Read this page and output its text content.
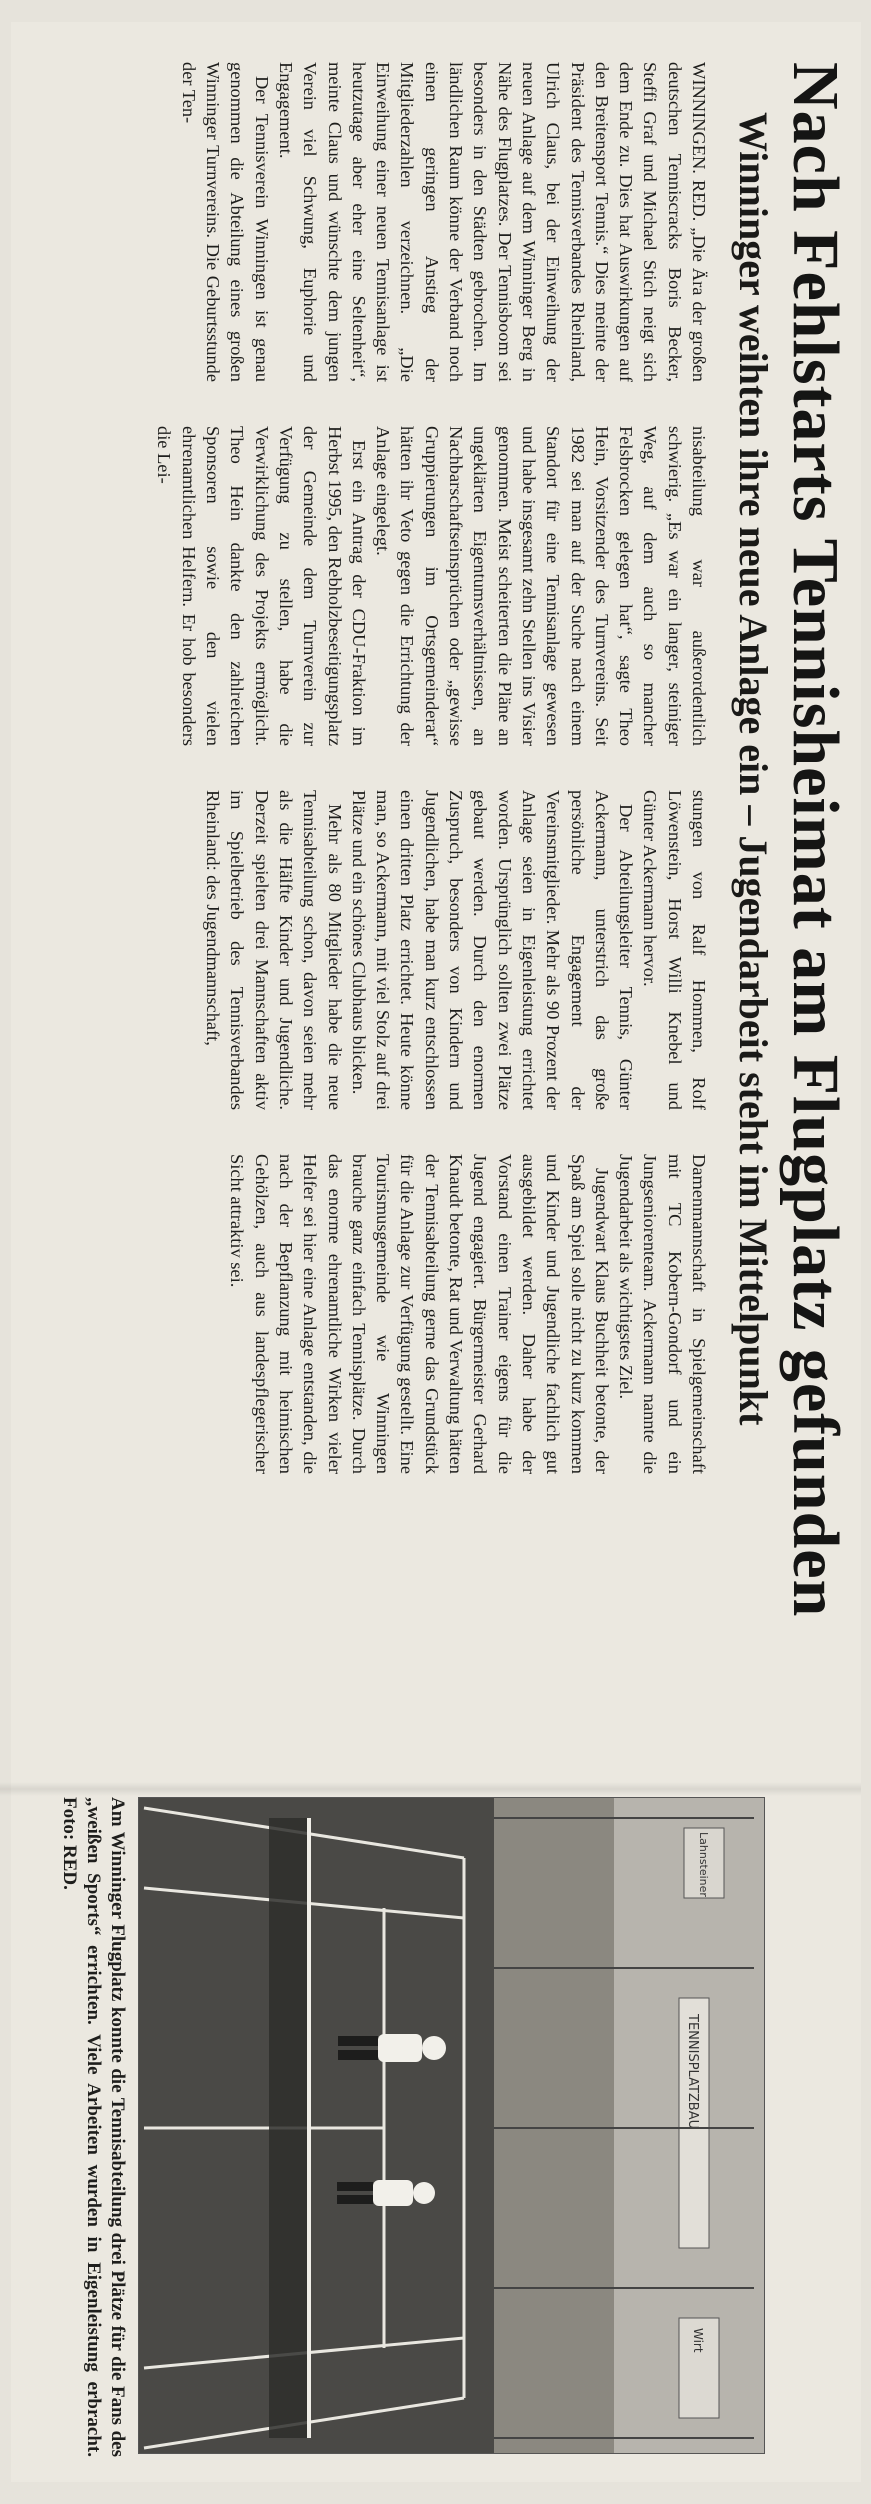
Nach Fehlstarts Tennisheimat am Flugplatz gefunden
Winninger weihten ihre neue Anlage ein – Jugendarbeit steht im Mittelpunkt

WINNINGEN. RED. „Die Ära der großen deutschen Tenniscracks Boris Becker, Steffi Graf und Michael Stich neigt sich dem Ende zu. Dies hat Auswirkungen auf den Breitensport Tennis.“ Dies meinte der Präsident des Tennisverbandes Rheinland, Ulrich Claus, bei der Einweihung der neuen Anlage auf dem Winninger Berg in Nähe des Flugplatzes. Der Tennisboom sei besonders in den Städten gebrochen. Im ländlichen Raum könne der Verband noch einen geringen Anstieg der Mitgliederzahlen verzeichnen. „Die Einweihung einer neuen Tennisanlage ist heutzutage aber eher eine Seltenheit“, meinte Claus und wünschte dem jungen Verein viel Schwung, Euphorie und Engagement.

Der Tennisverein Winningen ist genau genommen die Abteilung eines großen Winninger Turnvereins. Die Geburtsstunde der Ten-

nisabteilung war außerordentlich schwierig. „Es war ein langer, steiniger Weg, auf dem auch so mancher Felsbrocken gelegen hat“, sagte Theo Hein, Vorsitzender des Turnvereins. Seit 1982 sei man auf der Suche nach einem Standort für eine Tennisanlage gewesen und habe insgesamt zehn Stellen ins Visier genommen. Meist scheiterten die Pläne an ungeklärten Eigentumsverhältnissen, an Nachbarschaftseinsprüchen oder „gewisse Gruppierungen im Ortsgemeinderat“ hätten ihr Veto gegen die Errichtung der Anlage eingelegt.

Erst ein Antrag der CDU-Fraktion im Herbst 1995, den Rebholzbeseitigungsplatz der Gemeinde dem Turnverein zur Verfügung zu stellen, habe die Verwirklichung des Projekts ermöglicht. Theo Hein dankte den zahlreichen Sponsoren sowie den vielen ehrenamtlichen Helfern. Er hob besonders die Lei-

stungen von Ralf Hommen, Rolf Löwenstein, Horst Willi Knebel und Günter Ackermann hervor.

Der Abteilungsleiter Tennis, Günter Ackermann, unterstrich das große persönliche Engagement der Vereinsmitglieder. Mehr als 90 Prozent der Anlage seien in Eigenleistung errichtet worden. Ursprünglich sollten zwei Plätze gebaut werden. Durch den enormen Zuspruch, besonders von Kindern und Jugendlichen, habe man kurz entschlossen einen dritten Platz errichtet. Heute könne man, so Ackermann, mit viel Stolz auf drei Plätze und ein schönes Clubhaus blicken.

Mehr als 80 Mitglieder habe die neue Tennisabteilung schon, davon seien mehr als die Hälfte Kinder und Jugendliche. Derzeit spielten drei Mannschaften aktiv im Spielbetrieb des Tennisverbandes Rheinland: des Jugendmannschaft,

Damenmannschaft in Spielgemeinschaft mit TC Kobern-Gondorf und ein Jungseniorenteam. Ackermann nannte die Jugendarbeit als wichtigstes Ziel.

Jugendwart Klaus Buchheit betonte, der Spaß am Spiel solle nicht zu kurz kommen und Kinder und Jugendliche fachlich gut ausgebildet werden. Daher habe der Vorstand einen Trainer eigens für die Jugend engagiert. Bürgermeister Gerhard Knaudt betonte, Rat und Verwaltung hätten der Tennisabteilung gerne das Grundstück für die Anlage zur Verfügung gestellt. Eine Tourismusgemeinde wie Winningen brauche ganz einfach Tennisplätze. Durch das enorme ehrenamtliche Wirken vieler Helfer sei hier eine Anlage entstanden, die nach der Bepflanzung mit heimischen Gehölzen, auch aus landespflegerischer Sicht attraktiv sei.

Lahnsteiner
TENNISPLATZBAU
Wirt
Am Winninger Flugplatz konnte die Tennisabteilung drei Plätze für die Fans des „weißen Sports“ errichten. Viele Arbeiten wurden in Eigenleistung erbracht. Foto: RED.
